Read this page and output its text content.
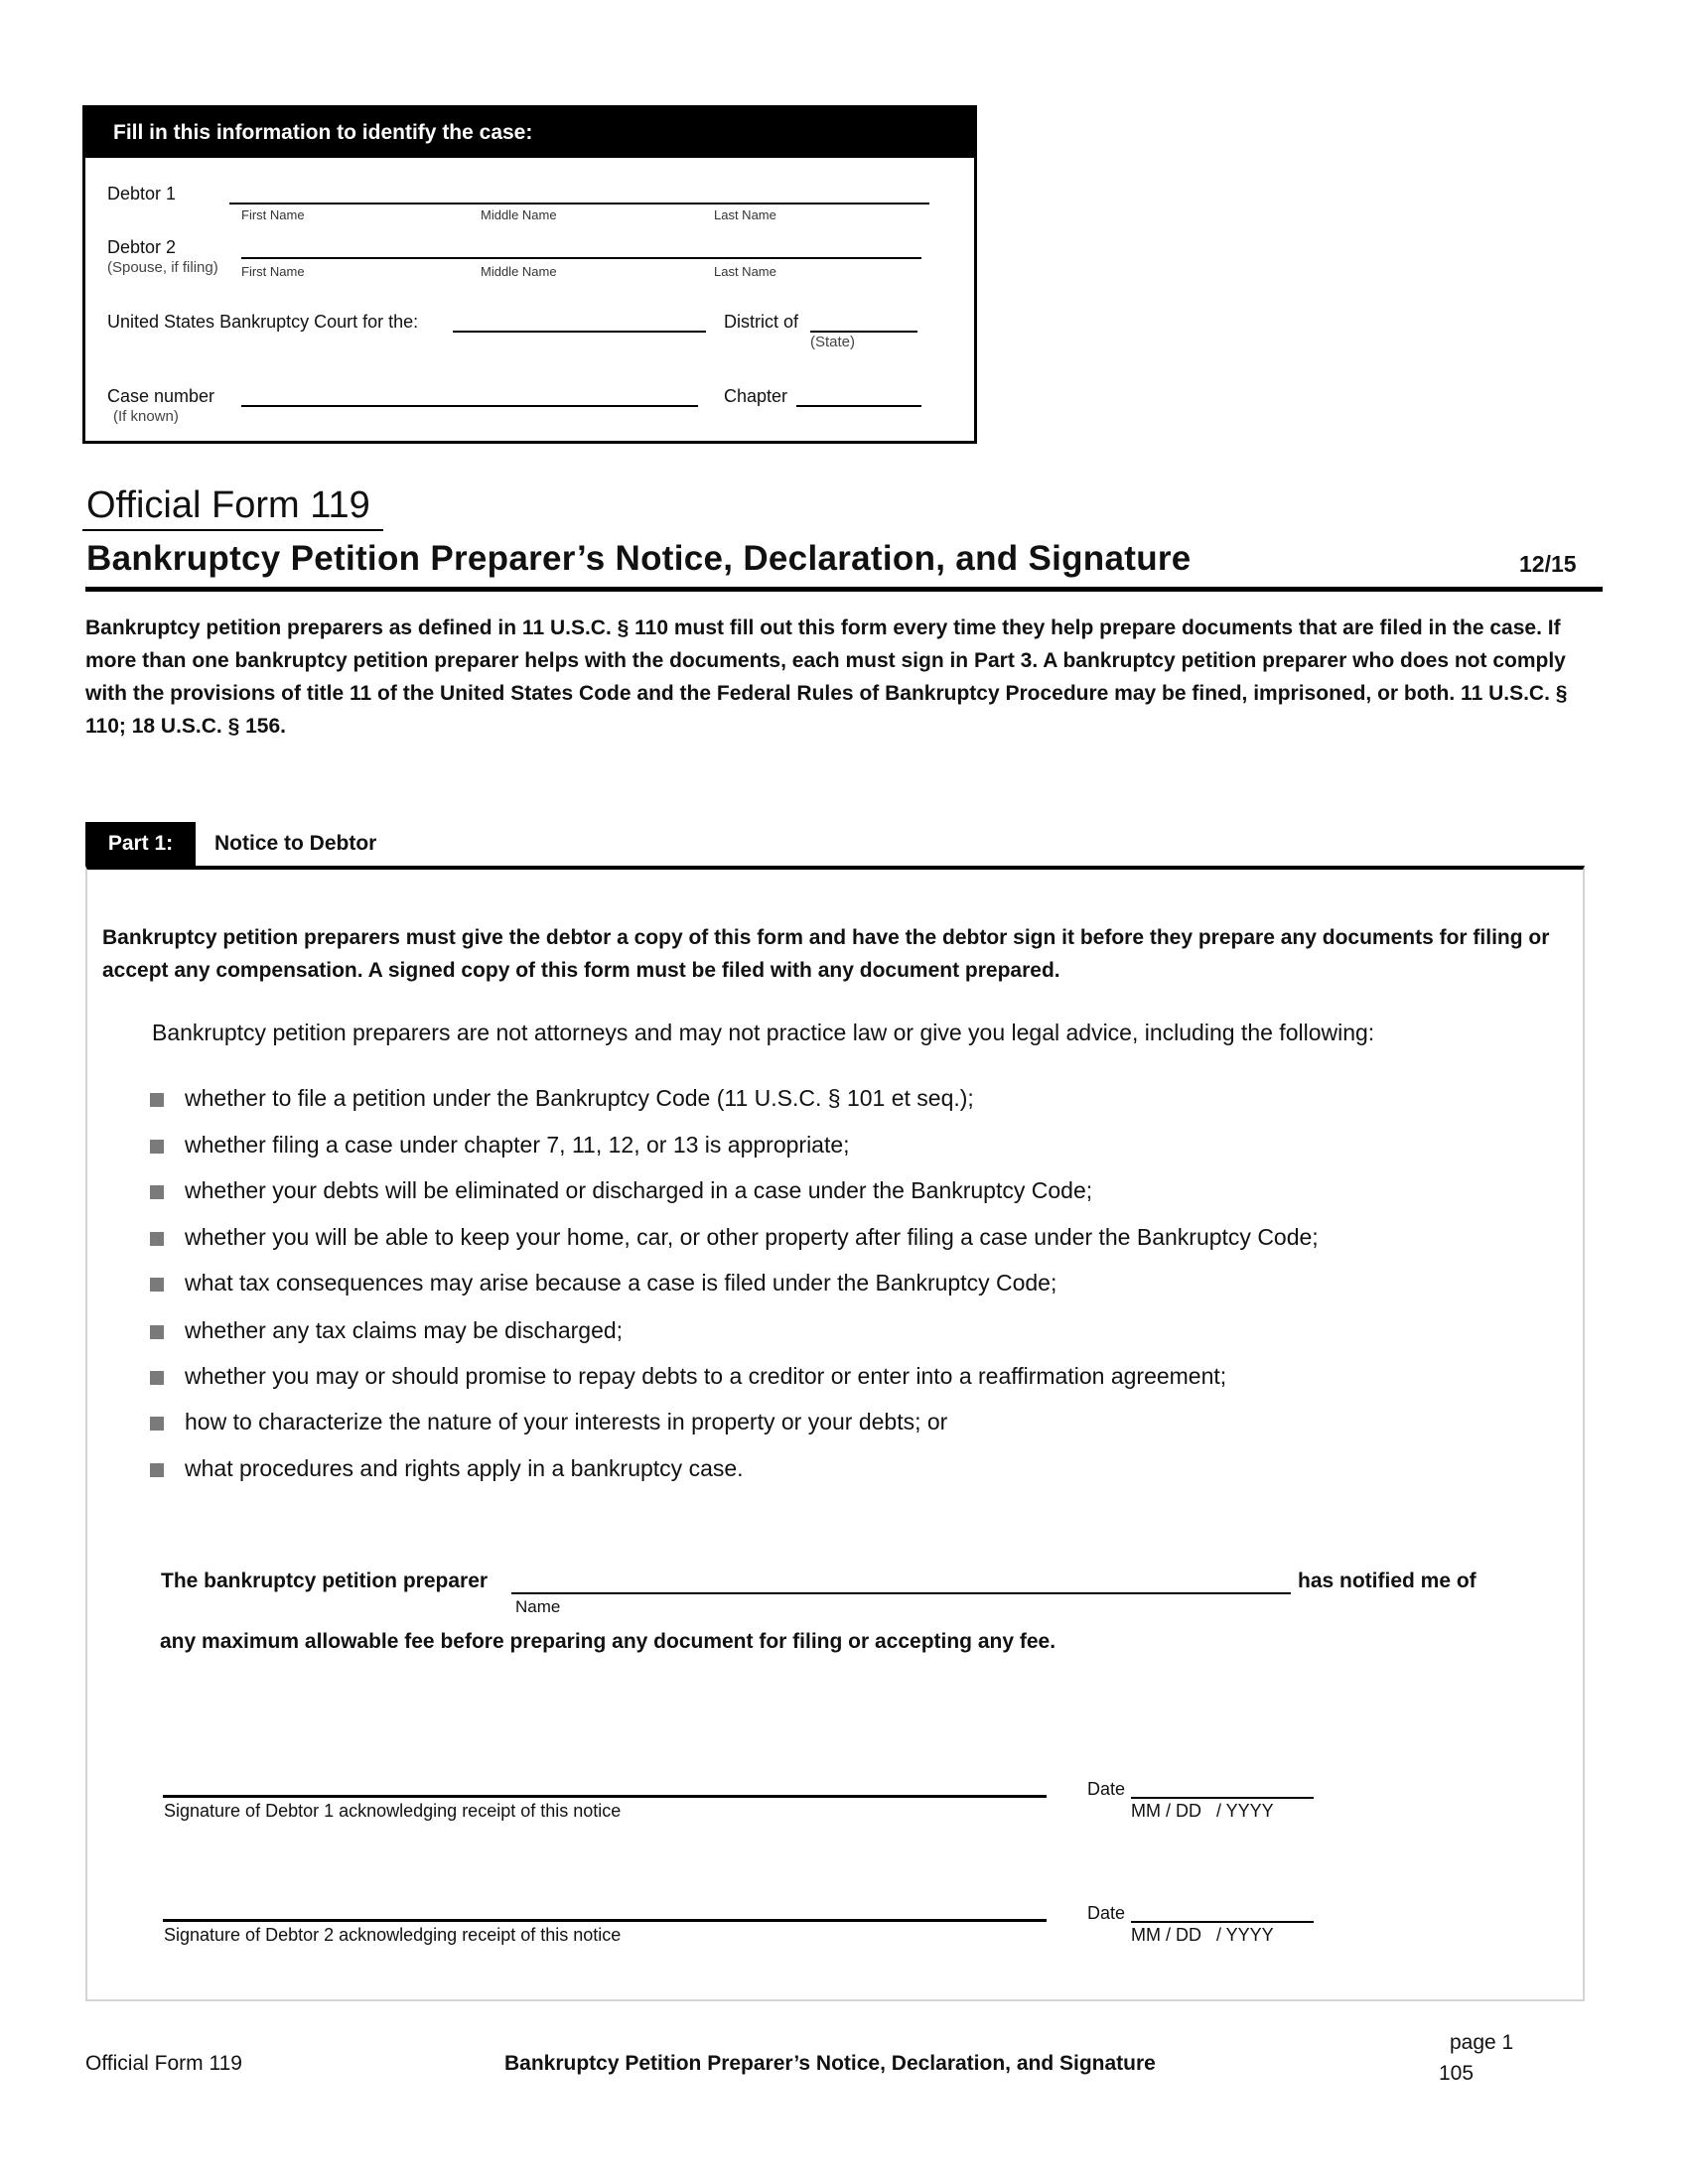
Fill in this information to identify the case:
Debtor 1
First Name	Middle Name	Last Name
Debtor 2
(Spouse, if filing) First Name	Middle Name	Last Name
United States Bankruptcy Court for the:	District of
(State)
Case number
(If known)
Chapter
Official Form 119
Bankruptcy Petition Preparer’s Notice, Declaration, and Signature	12/15
Bankruptcy petition preparers as defined in 11 U.S.C. § 110 must fill out this form every time they help prepare documents that are filed in the case. If more than one bankruptcy petition preparer helps with the documents, each must sign in Part 3. A bankruptcy petition preparer who does not comply with the provisions of title 11 of the United States Code and the Federal Rules of Bankruptcy Procedure may be fined, imprisoned, or both. 11 U.S.C. § 110; 18 U.S.C. § 156.
Part 1:	Notice to Debtor
Bankruptcy petition preparers must give the debtor a copy of this form and have the debtor sign it before they prepare any documents for filing or accept any compensation. A signed copy of this form must be filed with any document prepared.
Bankruptcy petition preparers are not attorneys and may not practice law or give you legal advice, including the following:
whether to file a petition under the Bankruptcy Code (11 U.S.C. § 101 et seq.);
whether filing a case under chapter 7, 11, 12, or 13 is appropriate;
whether your debts will be eliminated or discharged in a case under the Bankruptcy Code;
whether you will be able to keep your home, car, or other property after filing a case under the Bankruptcy Code;
what tax consequences may arise because a case is filed under the Bankruptcy Code;
whether any tax claims may be discharged;
whether you may or should promise to repay debts to a creditor or enter into a reaffirmation agreement;
how to characterize the nature of your interests in property or your debts; or
what procedures and rights apply in a bankruptcy case.
The bankruptcy petition preparer	has notified me of
Name
any maximum allowable fee before preparing any document for filing or accepting any fee.
Signature of Debtor 1 acknowledging receipt of this notice
Date
MM / DD   / YYYY
Signature of Debtor 2 acknowledging receipt of this notice
Date
MM / DD   / YYYY
Official Form 119	Bankruptcy Petition Preparer’s Notice, Declaration, and Signature
page 1
105
